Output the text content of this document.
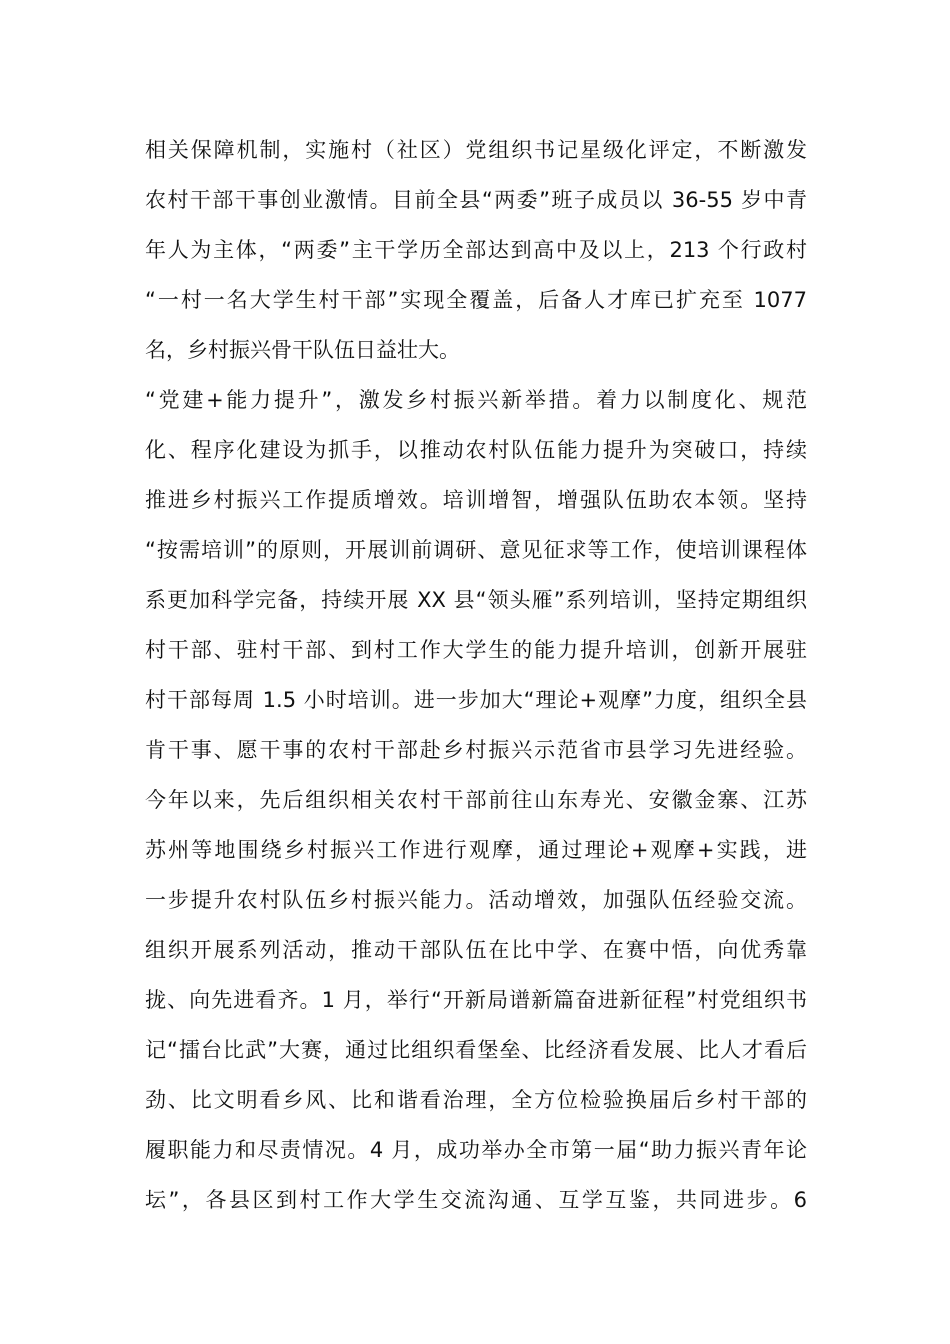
相关保障机制，实施村（社区）党组织书记星级化评定，不断激发
农村干部干事创业激情。目前全县“两委”班子成员以 36-55 岁中青
年人为主体，“两委”主干学历全部达到高中及以上，213 个行政村
“一村一名大学生村干部”实现全覆盖，后备人才库已扩充至 1077
名，乡村振兴骨干队伍日益壮大。
“党建+能力提升”，激发乡村振兴新举措。着力以制度化、规范
化、程序化建设为抓手，以推动农村队伍能力提升为突破口，持续
推进乡村振兴工作提质增效。培训增智，增强队伍助农本领。坚持
“按需培训”的原则，开展训前调研、意见征求等工作，使培训课程体
系更加科学完备，持续开展 XX 县“领头雁”系列培训，坚持定期组织
村干部、驻村干部、到村工作大学生的能力提升培训，创新开展驻
村干部每周 1.5 小时培训。进一步加大“理论+观摩”力度，组织全县
肯干事、愿干事的农村干部赴乡村振兴示范省市县学习先进经验。
今年以来，先后组织相关农村干部前往山东寿光、安徽金寨、江苏
苏州等地围绕乡村振兴工作进行观摩，通过理论+观摩+实践，进
一步提升农村队伍乡村振兴能力。活动增效，加强队伍经验交流。
组织开展系列活动，推动干部队伍在比中学、在赛中悟，向优秀靠
拢、向先进看齐。1 月，举行“开新局谱新篇奋进新征程”村党组织书
记“擂台比武”大赛，通过比组织看堡垒、比经济看发展、比人才看后
劲、比文明看乡风、比和谐看治理，全方位检验换届后乡村干部的
履职能力和尽责情况。4 月，成功举办全市第一届“助力振兴青年论
坛”，各县区到村工作大学生交流沟通、互学互鉴，共同进步。6
